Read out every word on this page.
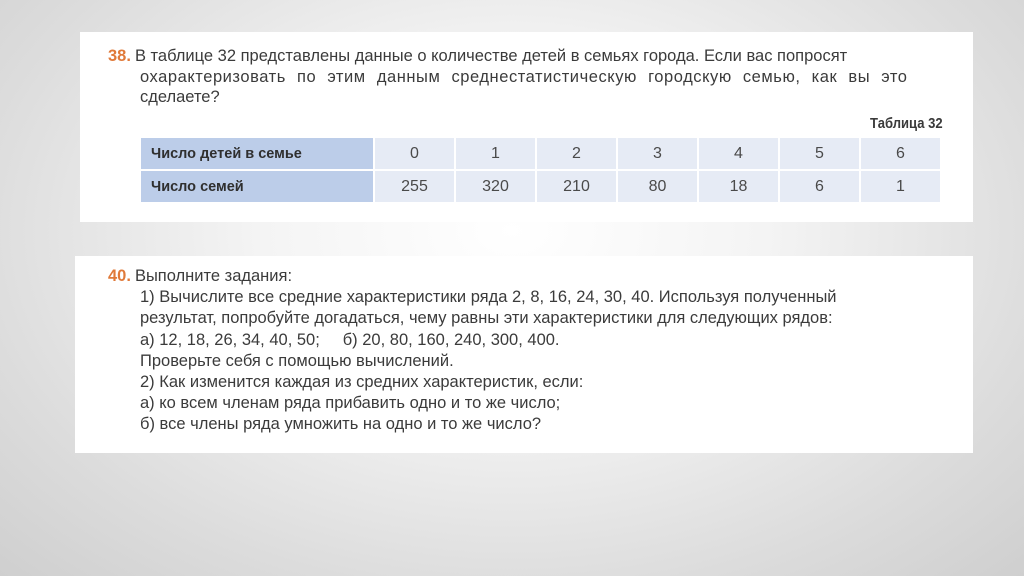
38. В таблице 32 представлены данные о количестве детей в семьях города. Если вас попросят
охарактеризовать по этим данным среднестатистическую городскую семью, как вы это
сделаете?
Таблица 32
Число детей в семье	0	1	2	3	4	5	6
Число семей	255	320	210	80	18	6	1
40. Выполните задания:
1) Вычислите все средние характеристики ряда 2, 8, 16, 24, 30, 40. Используя полученный
результат, попробуйте догадаться, чему равны эти характеристики для следующих рядов:
а) 12, 18, 26, 34, 40, 50;     б) 20, 80, 160, 240, 300, 400.
Проверьте себя с помощью вычислений.
2) Как изменится каждая из средних характеристик, если:
а) ко всем членам ряда прибавить одно и то же число;
б) все члены ряда умножить на одно и то же число?
